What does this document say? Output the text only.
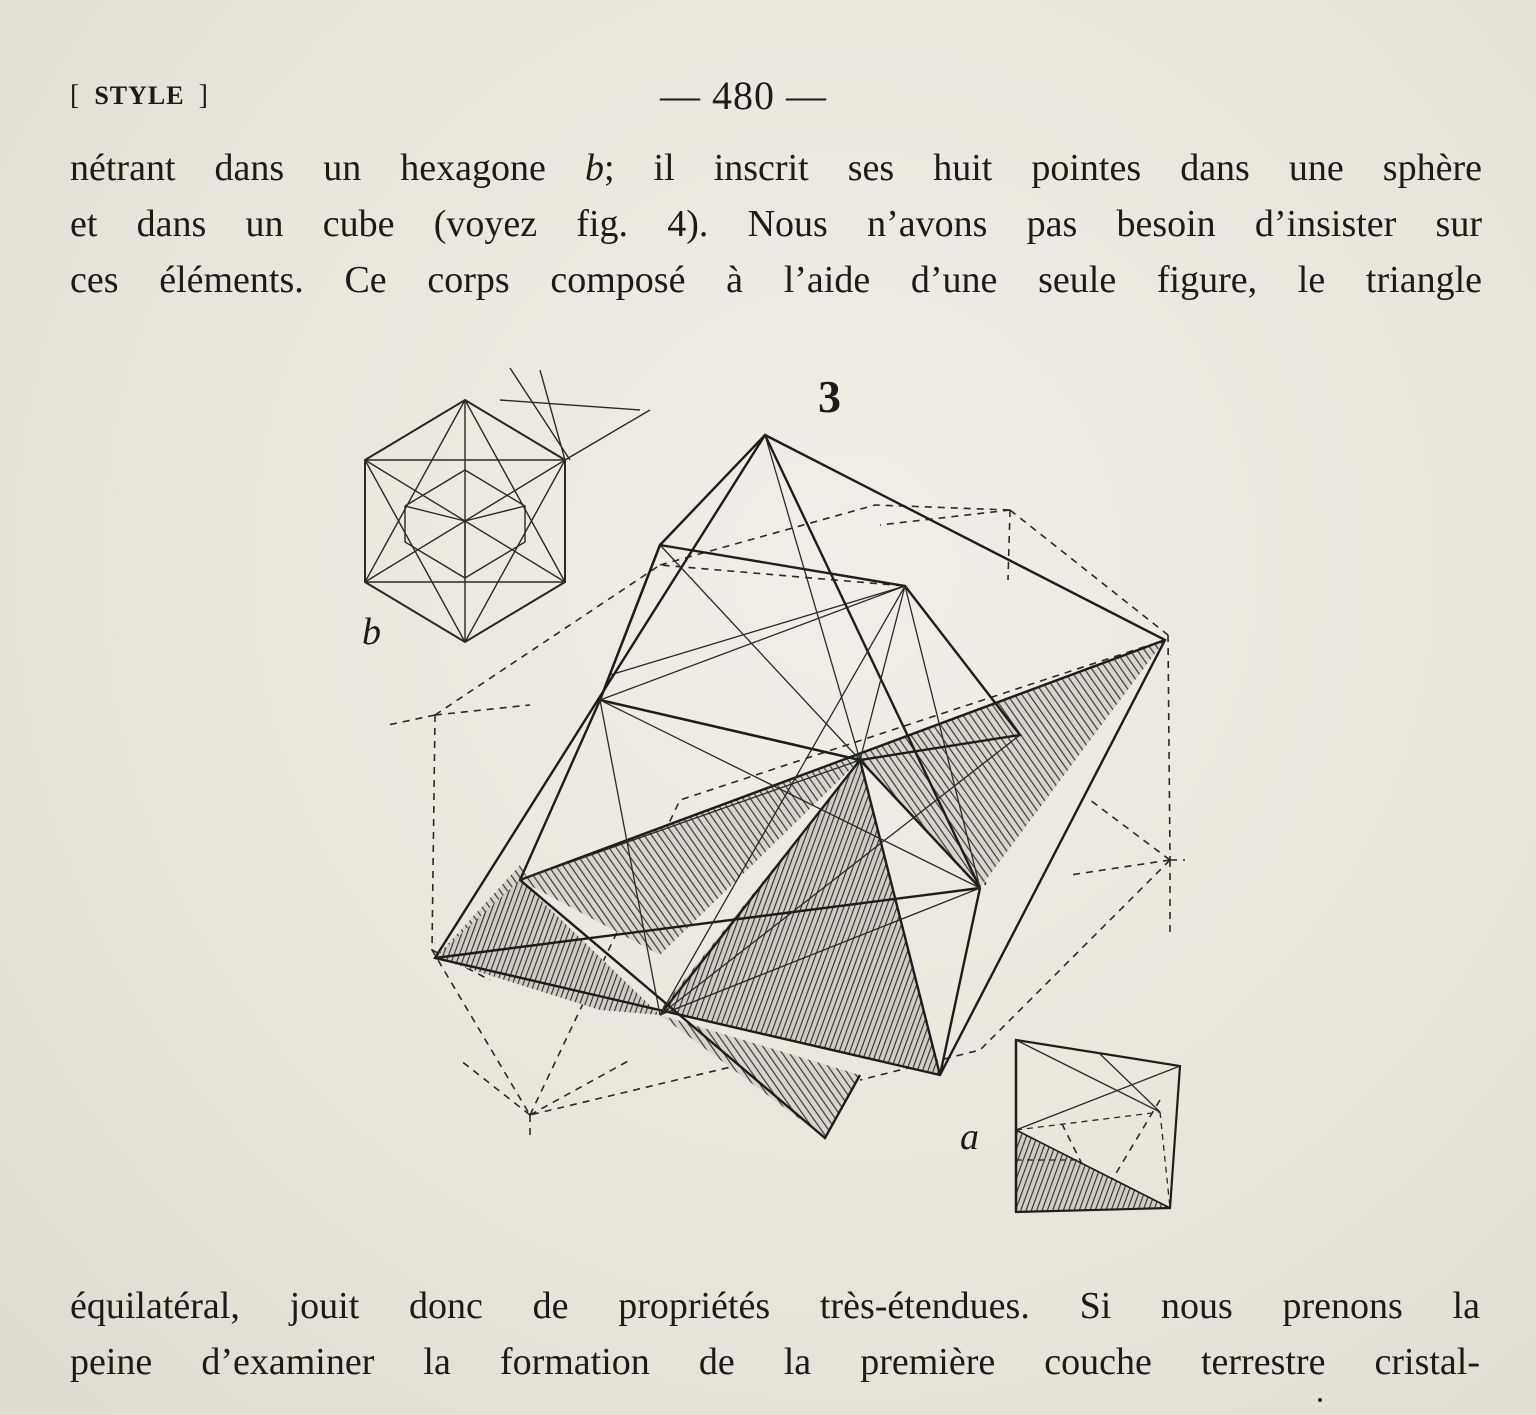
[ STYLE ]	— 480 —
nétrant dans un hexagone b; il inscrit ses huit pointes dans une sphère
et dans un cube (voyez fig. 4). Nous n’avons pas besoin d’insister sur
ces éléments. Ce corps composé à l’aide d’une seule figure, le triangle
3
b
a
équilatéral, jouit donc de propriétés très-étendues. Si nous prenons la
peine d’examiner la formation de la première couche terrestre cristal-
